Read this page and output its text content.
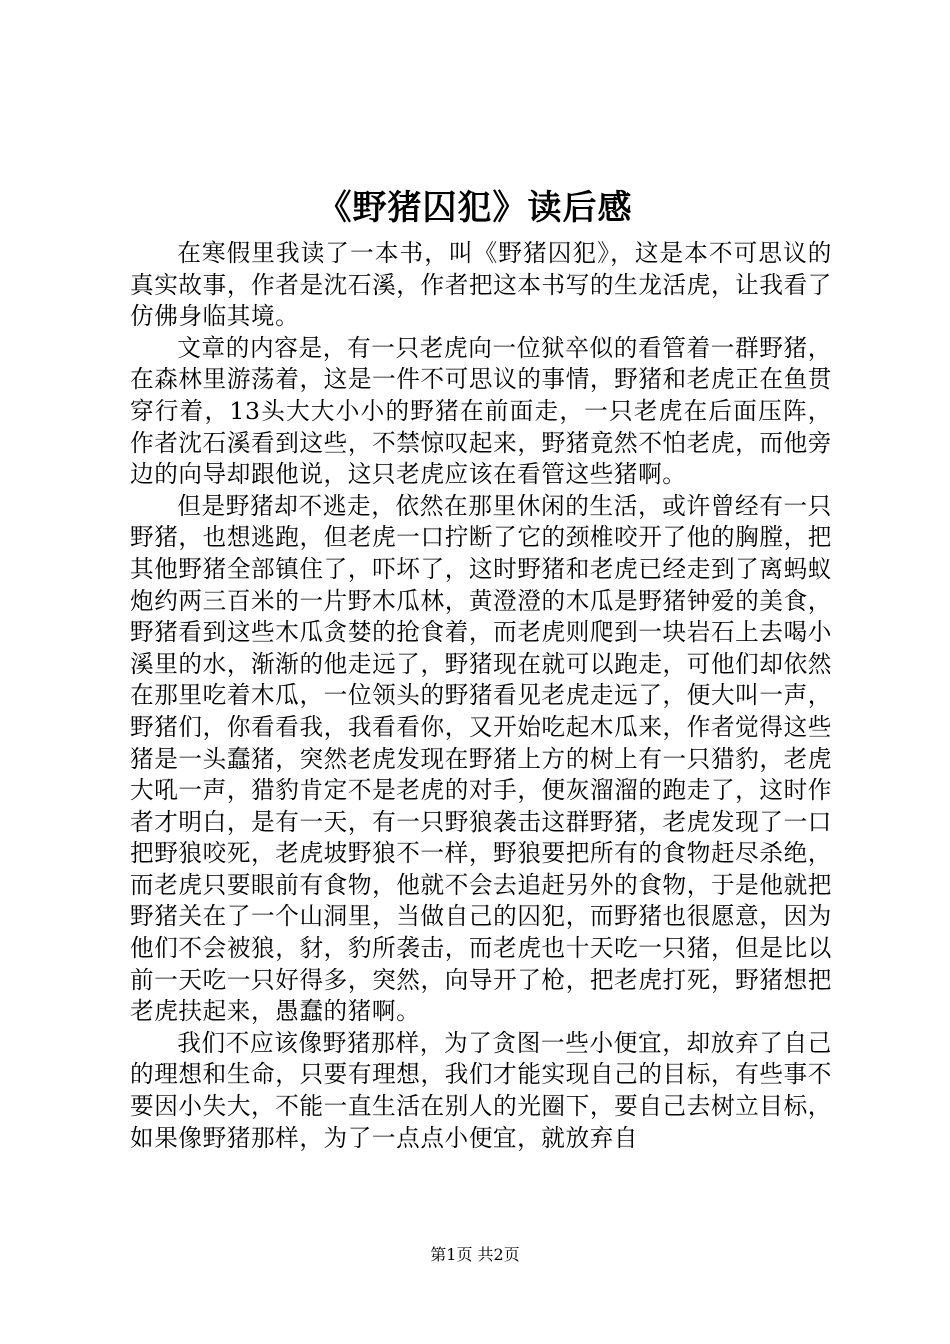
《野猪囚犯》读后感

在寒假里我读了一本书，叫《野猪囚犯》，这是本不可思议的真实故事，作者是沈石溪，作者把这本书写的生龙活虎，让我看了仿佛身临其境。

文章的内容是，有一只老虎向一位狱卒似的看管着一群野猪，在森林里游荡着，这是一件不可思议的事情，野猪和老虎正在鱼贯穿行着，13头大大小小的野猪在前面走，一只老虎在后面压阵，作者沈石溪看到这些，不禁惊叹起来，野猪竟然不怕老虎，而他旁边的向导却跟他说，这只老虎应该在看管这些猪啊。

但是野猪却不逃走，依然在那里休闲的生活，或许曾经有一只野猪，也想逃跑，但老虎一口拧断了它的颈椎咬开了他的胸膛，把其他野猪全部镇住了，吓坏了，这时野猪和老虎已经走到了离蚂蚁炮约两三百米的一片野木瓜林，黄澄澄的木瓜是野猪钟爱的美食，野猪看到这些木瓜贪婪的抢食着，而老虎则爬到一块岩石上去喝小溪里的水，渐渐的他走远了，野猪现在就可以跑走，可他们却依然在那里吃着木瓜，一位领头的野猪看见老虎走远了，便大叫一声，野猪们，你看看我，我看看你，又开始吃起木瓜来，作者觉得这些猪是一头蠢猪，突然老虎发现在野猪上方的树上有一只猎豹，老虎大吼一声，猎豹肯定不是老虎的对手，便灰溜溜的跑走了，这时作者才明白，是有一天，有一只野狼袭击这群野猪，老虎发现了一口把野狼咬死，老虎坡野狼不一样，野狼要把所有的食物赶尽杀绝，而老虎只要眼前有食物，他就不会去追赶另外的食物，于是他就把野猪关在了一个山洞里，当做自己的囚犯，而野猪也很愿意，因为他们不会被狼，豺，豹所袭击，而老虎也十天吃一只猪，但是比以前一天吃一只好得多，突然，向导开了枪，把老虎打死，野猪想把老虎扶起来，愚蠢的猪啊。

我们不应该像野猪那样，为了贪图一些小便宜，却放弃了自己的理想和生命，只要有理想，我们才能实现自己的目标，有些事不要因小失大，不能一直生活在别人的光圈下，要自己去树立目标，如果像野猪那样，为了一点点小便宜，就放弃自

第1页 共2页
